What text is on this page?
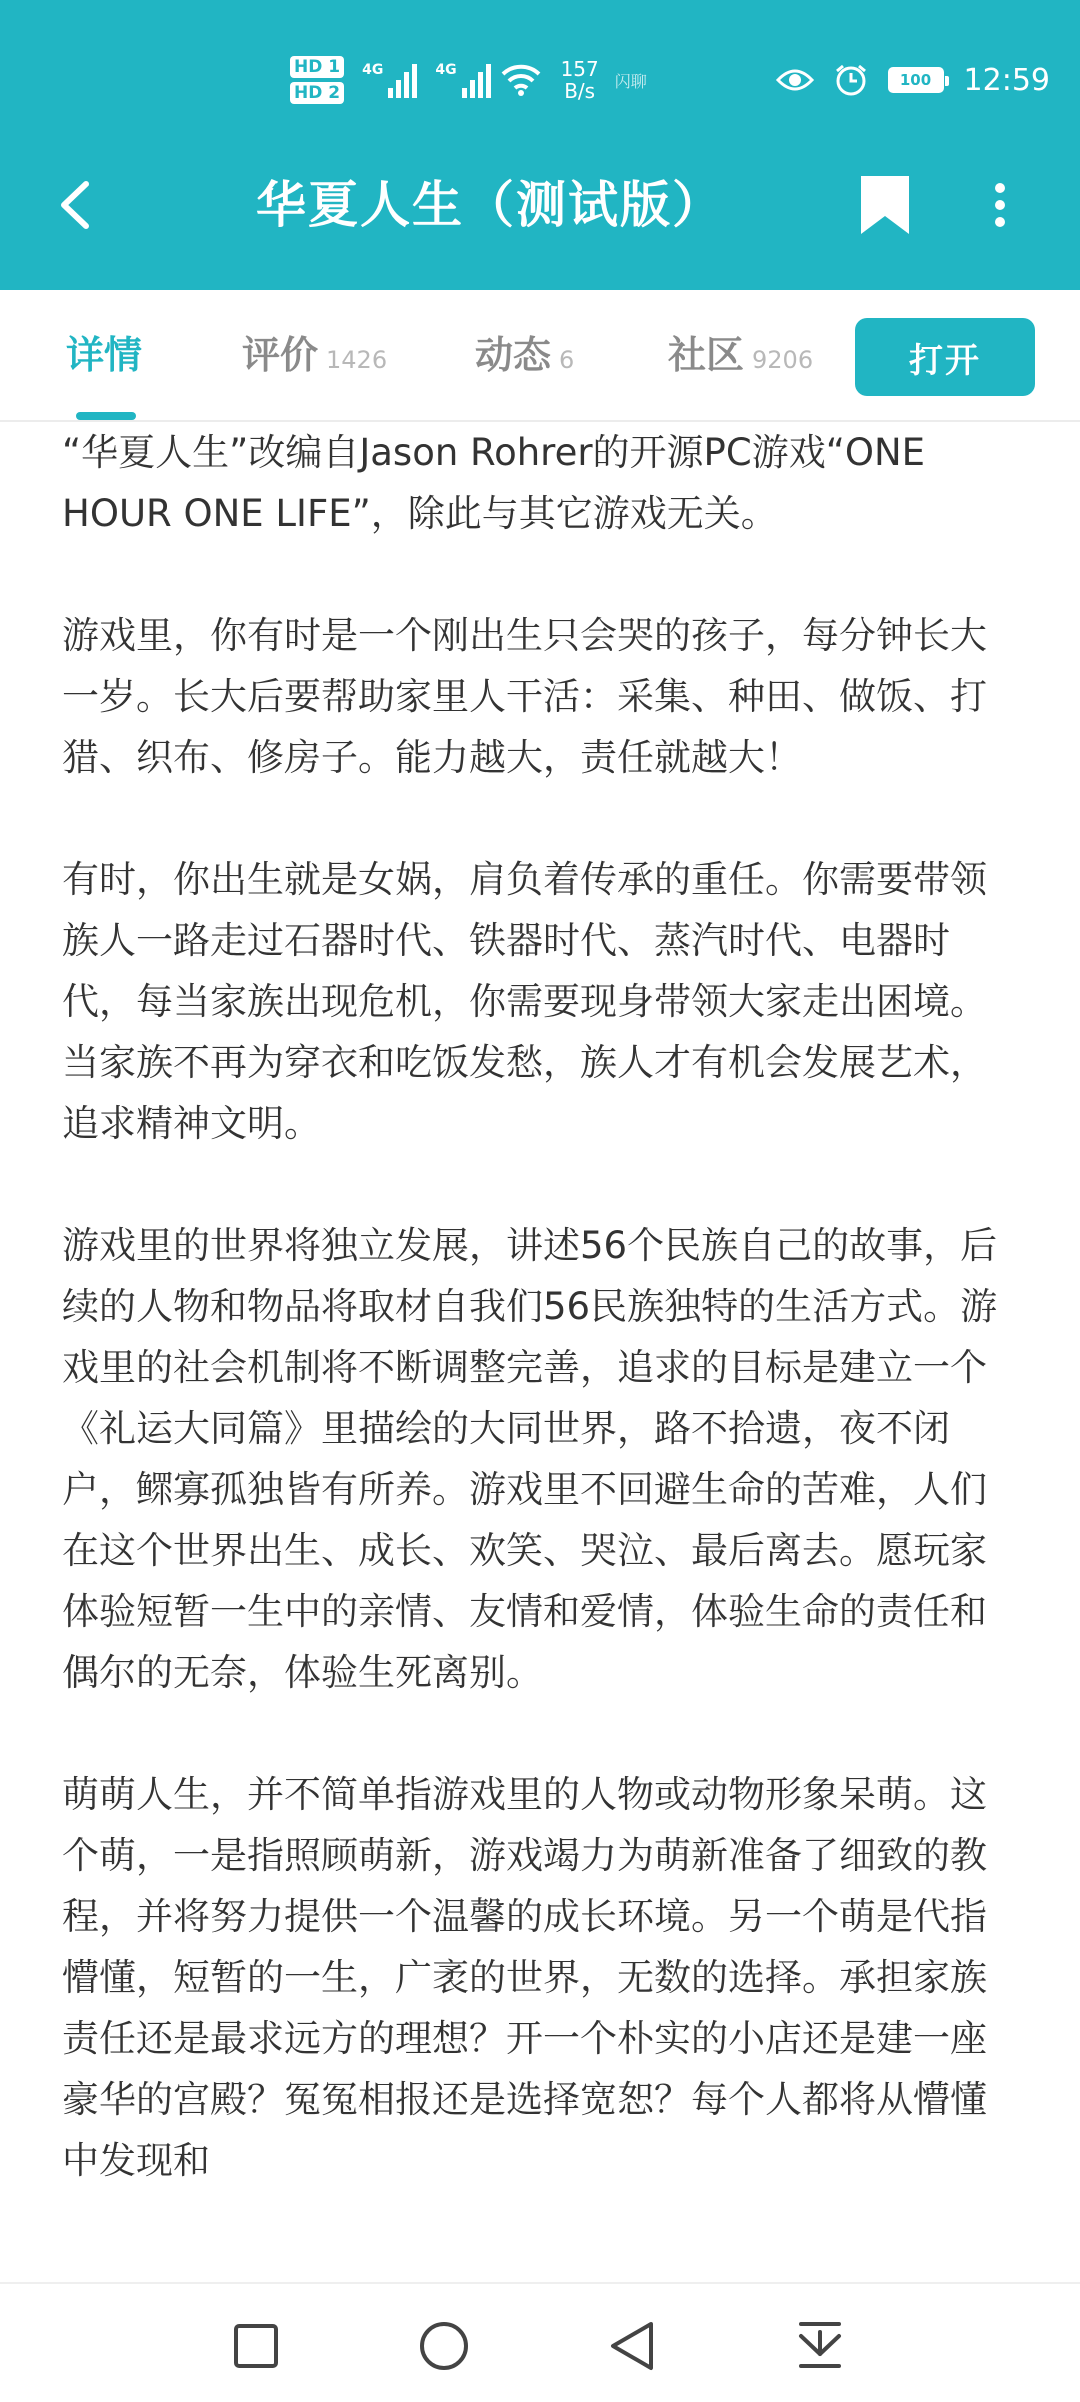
HD 1
HD 2
4G	4G	157
B/s 闪聊	100	12:59
华夏人生（测试版）
详情	评价 1426 动态 6 社区 9206	打开

“华夏人生”改编自Jason Rohrer的开源PC游戏“ONE HOUR ONE LIFE”，除此与其它游戏无关。

游戏里，你有时是一个刚出生只会哭的孩子，每分钟长大一岁。长大后要帮助家里人干活：采集、种田、做饭、打猎、织布、修房子。能力越大，责任就越大！

有时，你出生就是女娲，肩负着传承的重任。你需要带领族人一路走过石器时代、铁器时代、蒸汽时代、电器时代，每当家族出现危机，你需要现身带领大家走出困境。当家族不再为穿衣和吃饭发愁，族人才有机会发展艺术，追求精神文明。

游戏里的世界将独立发展，讲述56个民族自己的故事，后续的人物和物品将取材自我们56民族独特的生活方式。游戏里的社会机制将不断调整完善，追求的目标是建立一个《礼运大同篇》里描绘的大同世界，路不拾遗，夜不闭户，鳏寡孤独皆有所养。游戏里不回避生命的苦难，人们在这个世界出生、成长、欢笑、哭泣、最后离去。愿玩家体验短暂一生中的亲情、友情和爱情，体验生命的责任和偶尔的无奈，体验生死离别。

萌萌人生，并不简单指游戏里的人物或动物形象呆萌。这个萌，一是指照顾萌新，游戏竭力为萌新准备了细致的教程，并将努力提供一个温馨的成长环境。另一个萌是代指懵懂，短暂的一生，广袤的世界，无数的选择。承担家族责任还是最求远方的理想？开一个朴实的小店还是建一座豪华的宫殿？冤冤相报还是选择宽恕？每个人都将从懵懂中发现和
